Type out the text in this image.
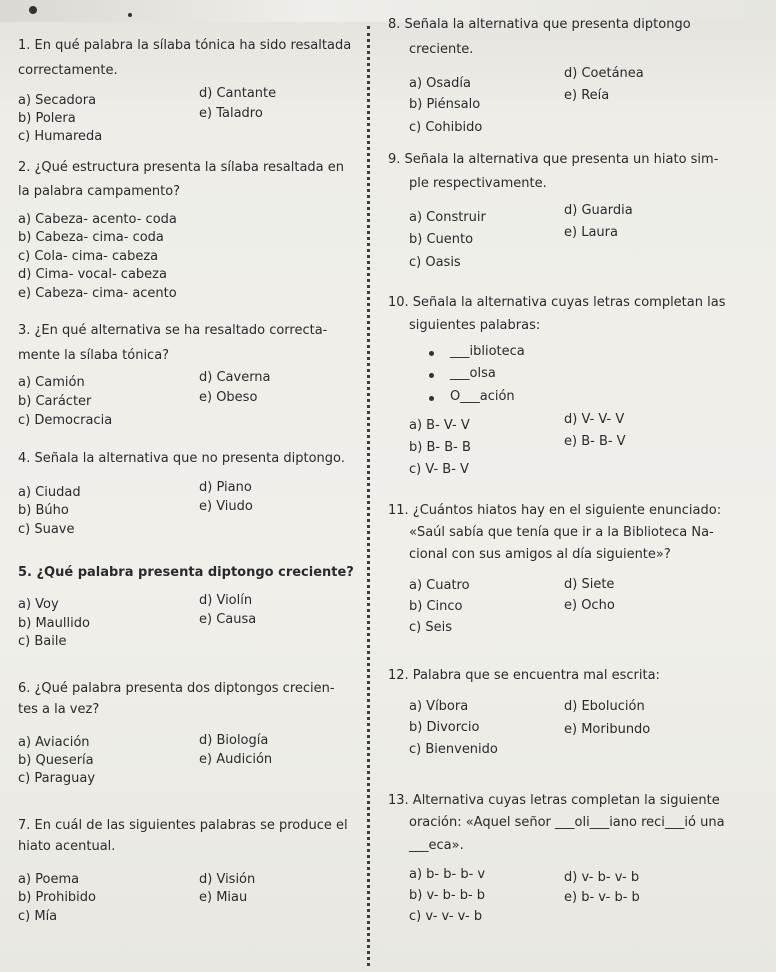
1. En qué palabra la sílaba tónica ha sido resaltada
correctamente.
a) Secadora
b) Polera
c) Humareda
d) Cantante
e) Taladro
2. ¿Qué estructura presenta la sílaba resaltada en
la palabra campamento?
a) Cabeza- acento- coda
b) Cabeza- cima- coda
c) Cola- cima- cabeza
d) Cima- vocal- cabeza
e) Cabeza- cima- acento
3. ¿En qué alternativa se ha resaltado correcta-
mente la sílaba tónica?
a) Camión
b) Carácter
c) Democracia
d) Caverna
e) Obeso
4. Señala la alternativa que no presenta diptongo.
a) Ciudad
b) Búho
c) Suave
d) Piano
e) Viudo
5. ¿Qué palabra presenta diptongo creciente?
a) Voy
b) Maullido
c) Baile
d) Violín
e) Causa
6. ¿Qué palabra presenta dos diptongos crecien-
tes a la vez?
a) Aviación
b) Quesería
c) Paraguay
d) Biología
e) Audición
7. En cuál de las siguientes palabras se produce el
hiato acentual.
a) Poema
b) Prohibido
c) Mía
d) Visión
e) Miau
8. Señala la alternativa que presenta diptongo
creciente.
a) Osadía
b) Piénsalo
c) Cohibido
d) Coetánea
e) Reía
9. Señala la alternativa que presenta un hiato sim-
ple respectivamente.
a) Construir
b) Cuento
c) Oasis
d) Guardia
e) Laura
10. Señala la alternativa cuyas letras completan las
siguientes palabras:
___iblioteca
___olsa
O___ación
a) B- V- V
b) B- B- B
c) V- B- V
d) V- V- V
e) B- B- V
11. ¿Cuántos hiatos hay en el siguiente enunciado:
«Saúl sabía que tenía que ir a la Biblioteca Na-
cional con sus amigos al día siguiente»?
a) Cuatro
b) Cinco
c) Seis
d) Siete
e) Ocho
12. Palabra que se encuentra mal escrita:
a) Víbora
b) Divorcio
c) Bienvenido
d) Ebolución
e) Moribundo
13. Alternativa cuyas letras completan la siguiente
oración: «Aquel señor ___oli___iano reci___ió una
___eca».
a) b- b- b- v
b) v- b- b- b
c) v- v- v- b
d) v- b- v- b
e) b- v- b- b
